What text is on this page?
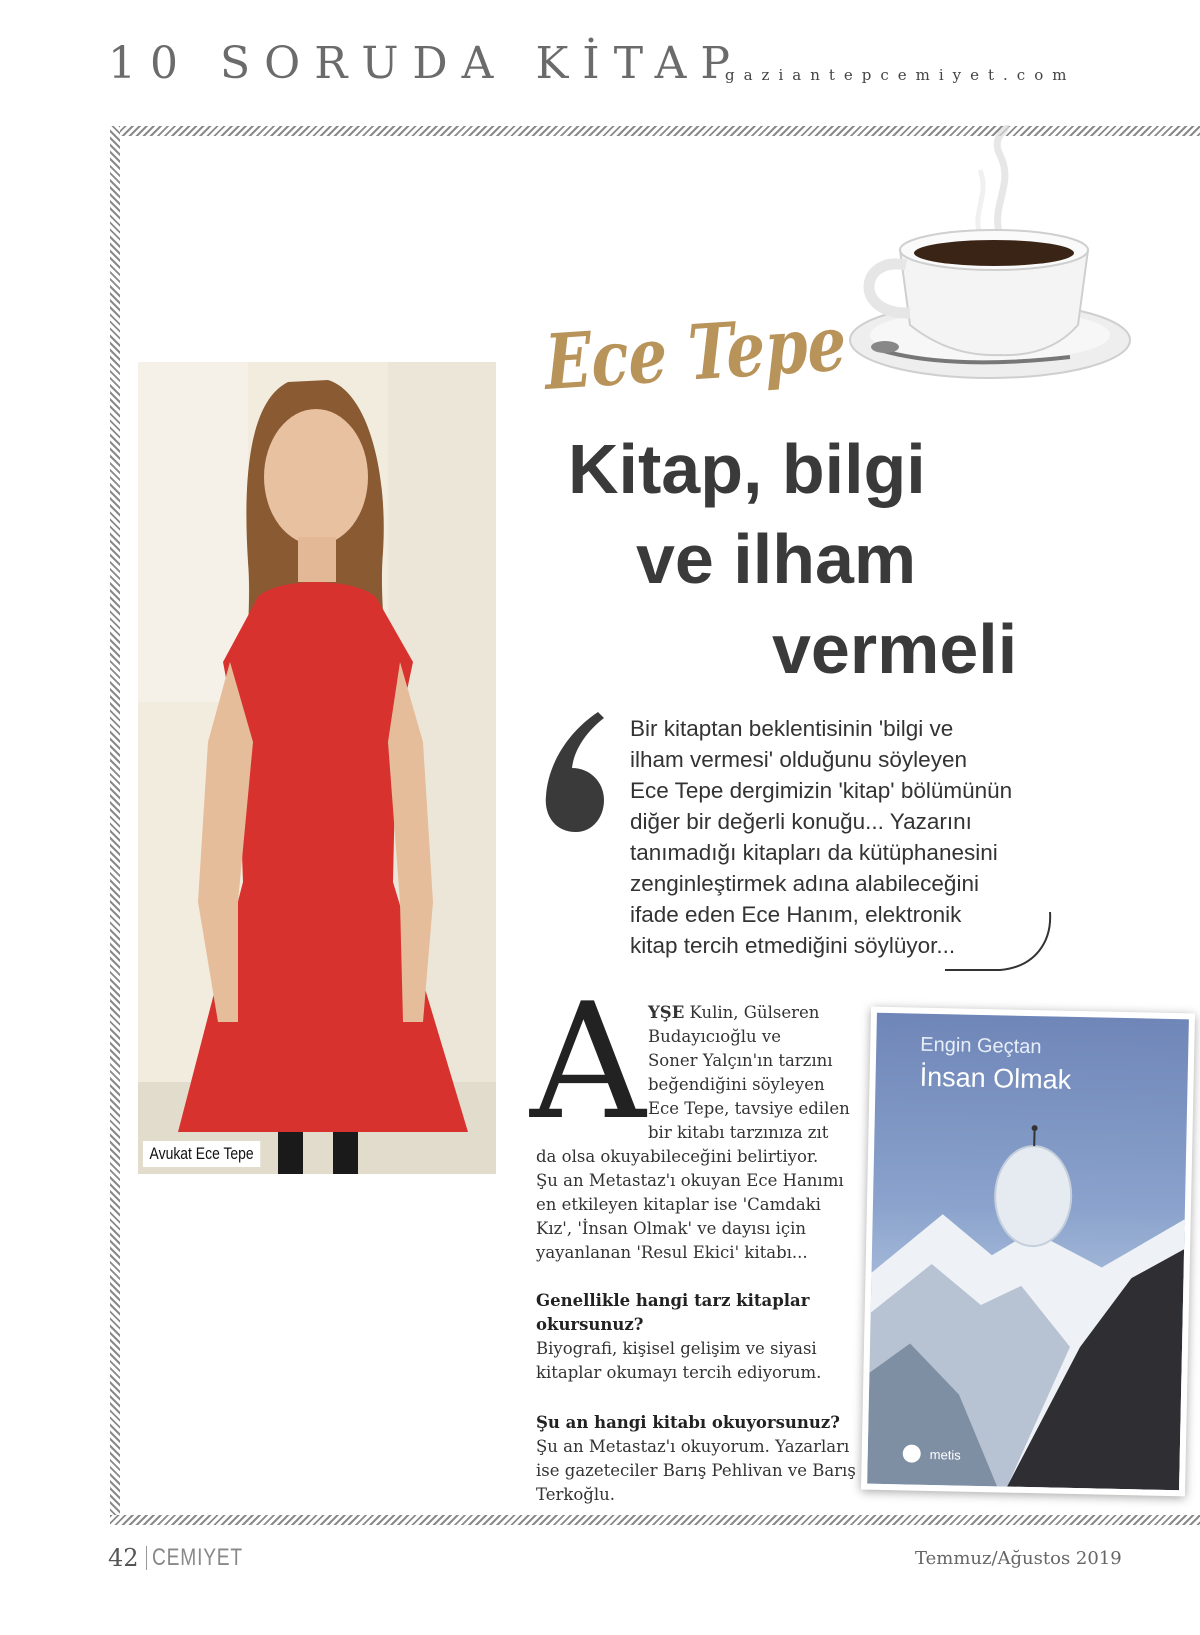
10 SORUDA KİTAP
gaziantepcemiyet.com
Avukat Ece Tepe
Ece Tepe
Kitap, bilgi
ve ilham
vermeli

Bir kitaptan beklentisinin 'bilgi ve

ilham vermesi' olduğunu söyleyen

Ece Tepe dergimizin 'kitap' bölümünün

diğer bir değerli konuğu... Yazarını

tanımadığı kitapları da kütüphanesini

zenginleştirmek adına alabileceğini

ifade eden Ece Hanım, elektronik

kitap tercih etmediğini söylüyor...

A YŞE Kulin, Gülseren

Budayıcıoğlu ve

Soner Yalçın'ın tarzını

beğendiğini söyleyen

Ece Tepe, tavsiye edilen

bir kitabı tarzınıza zıt

da olsa okuyabileceğini belirtiyor.

Şu an Metastaz'ı okuyan Ece Hanımı

en etkileyen kitaplar ise 'Camdaki

Kız', 'İnsan Olmak' ve dayısı için

yayanlanan 'Resul Ekici' kitabı...

Genellikle hangi tarz kitaplar

okursunuz?

Biyografi, kişisel gelişim ve siyasi

kitaplar okumayı tercih ediyorum.

Şu an hangi kitabı okuyorsunuz?

Şu an Metastaz'ı okuyorum. Yazarları

ise gazeteciler Barış Pehlivan ve Barış

Terkoğlu.

Engin Geçtan
İnsan Olmak
metis
42 CEMIYET	Temmuz/Ağustos 2019
